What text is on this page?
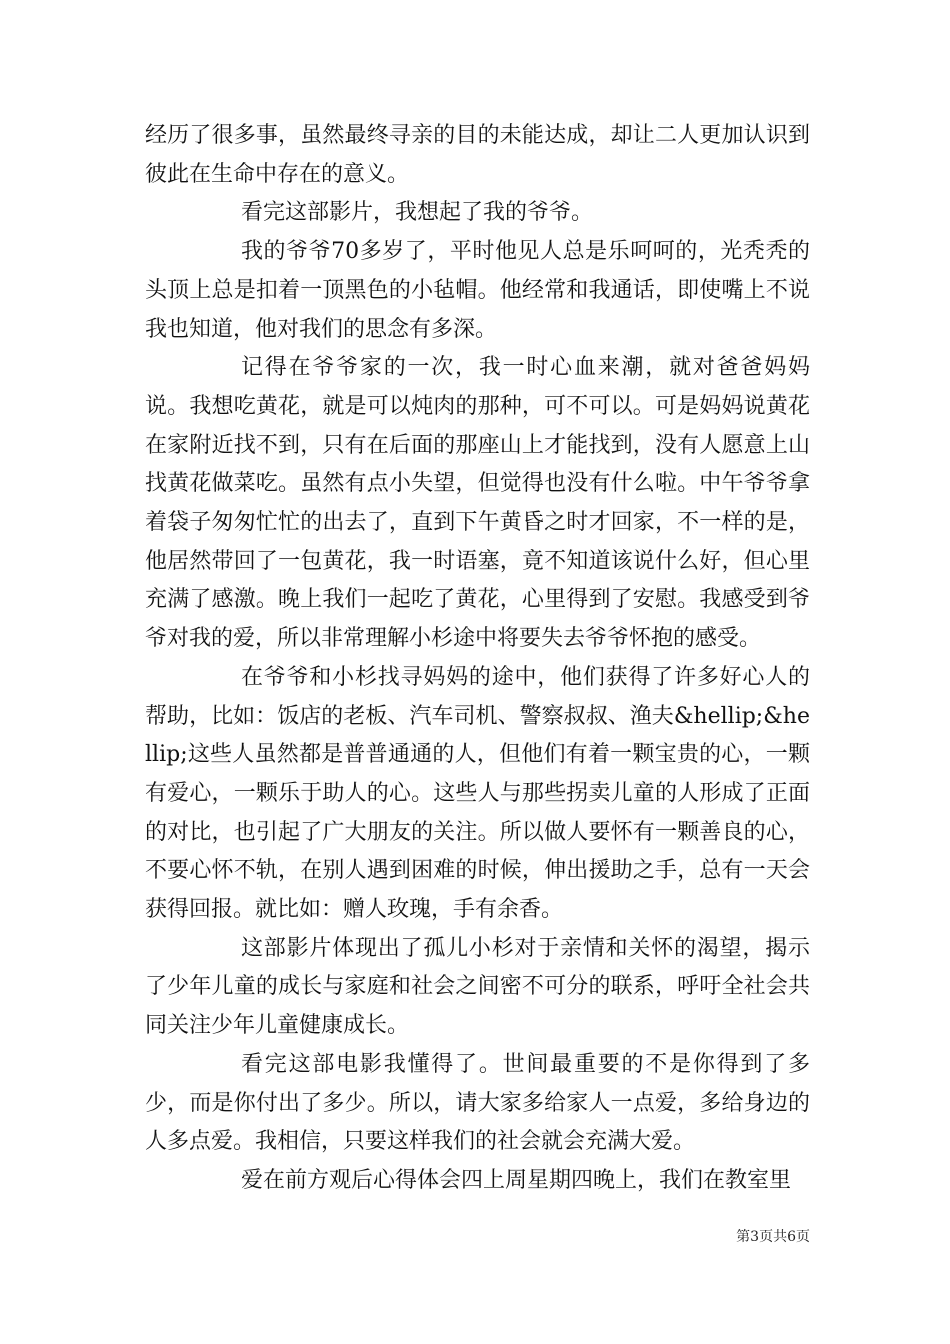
经历了很多事，虽然最终寻亲的目的未能达成，却让二人更加认识到彼此在生命中存在的意义。

看完这部影片，我想起了我的爷爷。

我的爷爷70多岁了，平时他见人总是乐呵呵的，光秃秃的头顶上总是扣着一顶黑色的小毡帽。他经常和我通话，即使嘴上不说我也知道，他对我们的思念有多深。

记得在爷爷家的一次，我一时心血来潮，就对爸爸妈妈说。我想吃黄花，就是可以炖肉的那种，可不可以。可是妈妈说黄花在家附近找不到，只有在后面的那座山上才能找到，没有人愿意上山找黄花做菜吃。虽然有点小失望，但觉得也没有什么啦。中午爷爷拿着袋子匆匆忙忙的出去了，直到下午黄昏之时才回家，不一样的是，他居然带回了一包黄花，我一时语塞，竟不知道该说什么好，但心里充满了感激。晚上我们一起吃了黄花，心里得到了安慰。我感受到爷爷对我的爱，所以非常理解小杉途中将要失去爷爷怀抱的感受。

在爷爷和小杉找寻妈妈的途中，他们获得了许多好心人的帮助，比如：饭店的老板、汽车司机、警察叔叔、渔夫&hellip;&hellip;这些人虽然都是普普通通的人，但他们有着一颗宝贵的心，一颗有爱心，一颗乐于助人的心。这些人与那些拐卖儿童的人形成了正面的对比，也引起了广大朋友的关注。所以做人要怀有一颗善良的心，不要心怀不轨，在别人遇到困难的时候，伸出援助之手，总有一天会获得回报。就比如：赠人玫瑰，手有余香。

这部影片体现出了孤儿小杉对于亲情和关怀的渴望，揭示了少年儿童的成长与家庭和社会之间密不可分的联系，呼吁全社会共同关注少年儿童健康成长。

看完这部电影我懂得了。世间最重要的不是你得到了多少，而是你付出了多少。所以，请大家多给家人一点爱，多给身边的人多点爱。我相信，只要这样我们的社会就会充满大爱。

爱在前方观后心得体会四上周星期四晚上，我们在教室里

第3页共6页
